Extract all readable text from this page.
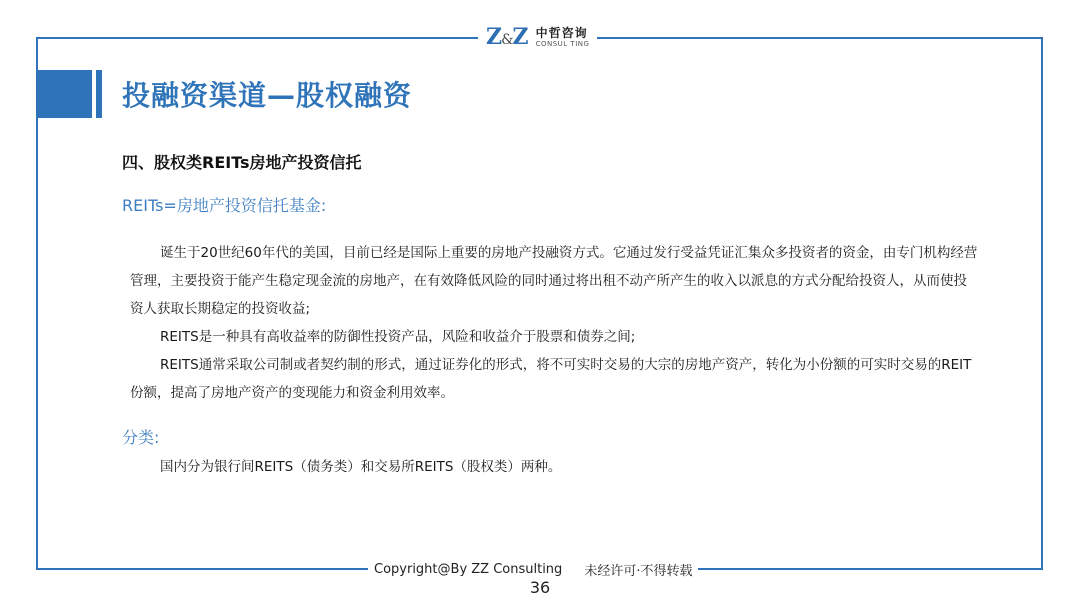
Z&Z 中哲咨询
CONSUL TING
投融资渠道—股权融资
四、股权类REITs房地产投资信托
REITs=房地产投资信托基金:

诞生于20世纪60年代的美国，目前已经是国际上重要的房地产投融资方式。它通过发行受益凭证汇集众多投资者的资金，由专门机构经营管理，主要投资于能产生稳定现金流的房地产，在有效降低风险的同时通过将出租不动产所产生的收入以派息的方式分配给投资人，从而使投资人获取长期稳定的投资收益;

REITS是一种具有高收益率的防御性投资产品，风险和收益介于股票和债券之间;

REITS通常采取公司制或者契约制的形式，通过证券化的形式，将不可实时交易的大宗的房地产资产，转化为小份额的可实时交易的REIT份额，提高了房地产资产的变现能力和资金利用效率。

分类:

国内分为银行间REITS（债务类）和交易所REITS（股权类）两种。

Copyright@By ZZ Consulting 未经许可·不得转载
36
